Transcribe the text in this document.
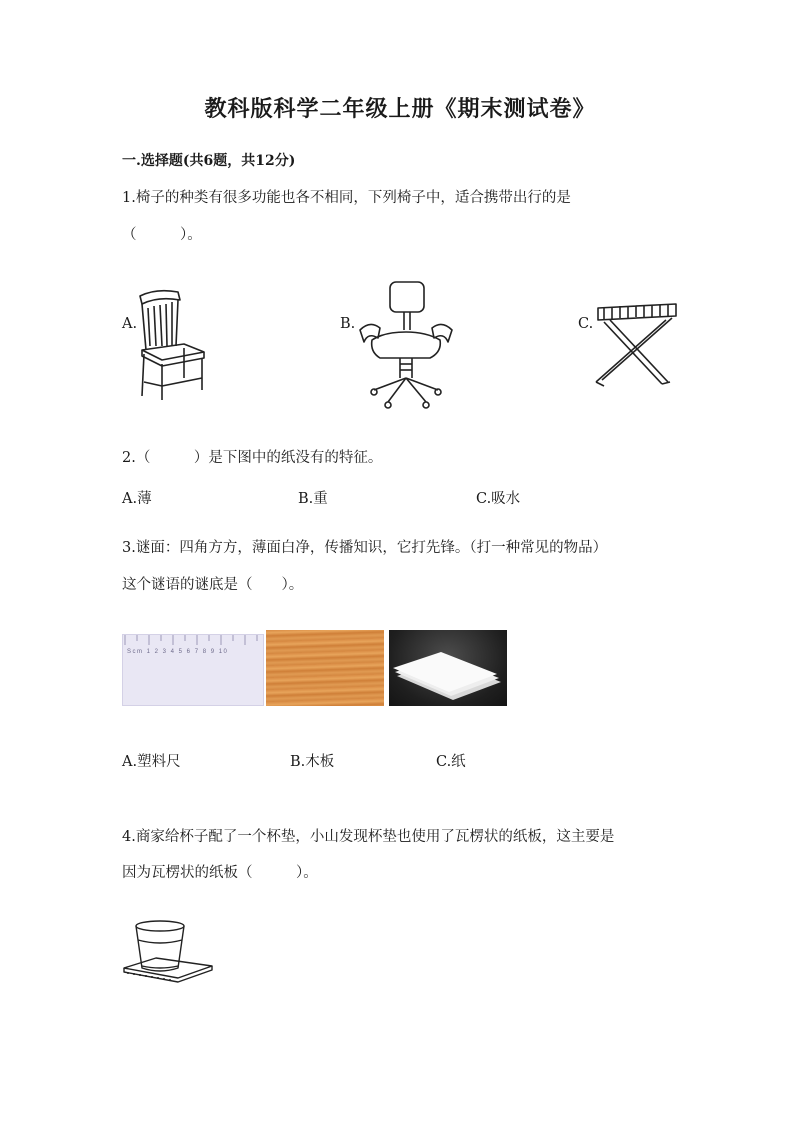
教科版科学二年级上册《期末测试卷》
一.选择题(共6题，共12分)
1.椅子的种类有很多功能也各不相同，下列椅子中，适合携带出行的是
（　　　）。
A.	B.	C.
2.（　　　）是下图中的纸没有的特征。
A.薄	B.重	C.吸水
3.谜面：四角方方，薄面白净，传播知识，它打先锋。（打一种常见的物品）
这个谜语的谜底是（　　）。
Scm 1 2 3 4 5 6 7 8 9 10
A.塑料尺	B.木板	C.纸
4.商家给杯子配了一个杯垫，小山发现杯垫也使用了瓦楞状的纸板，这主要是
因为瓦楞状的纸板（　　　）。
